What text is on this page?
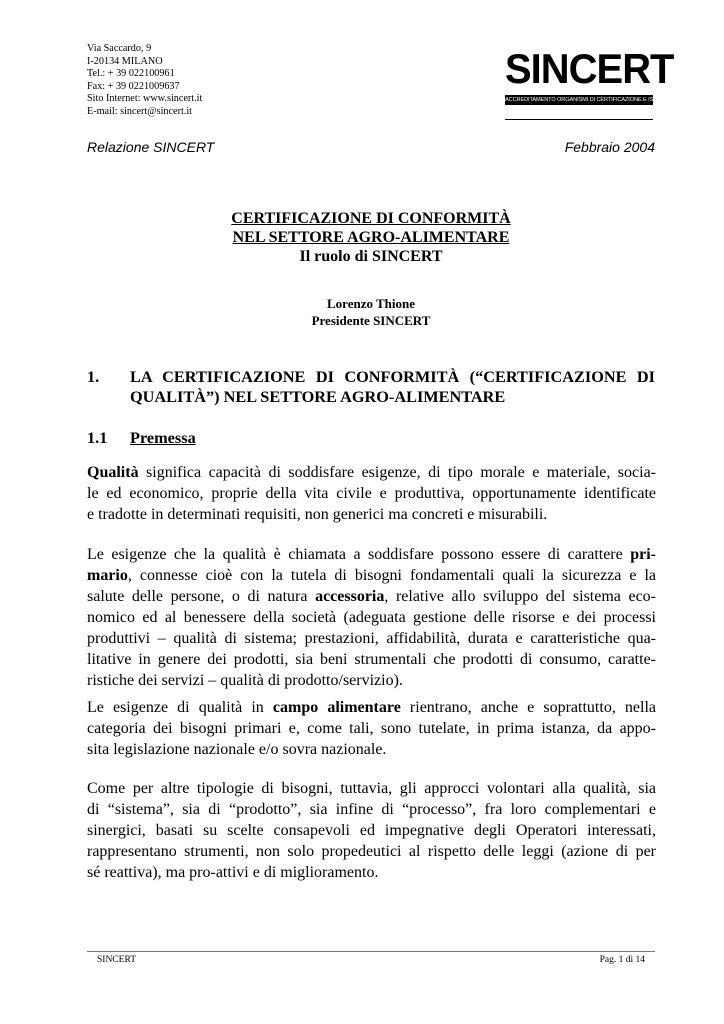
Via Saccardo, 9
I-20134 MILANO
Tel.: + 39 022100961
Fax: + 39 0221009637
Sito Internet: www.sincert.it
E-mail: sincert@sincert.it
SINCERT
ACCREDITAMENTO ORGANISMI DI CERTIFICAZIONE E ISPEZIONE
Relazione SINCERT	Febbraio 2004
CERTIFICAZIONE DI CONFORMITÀ
NEL SETTORE AGRO-ALIMENTARE
Il ruolo di SINCERT
Lorenzo Thione
Presidente SINCERT
1. LA CERTIFICAZIONE DI CONFORMITÀ (“CERTIFICAZIONE DI QUALITÀ”) NEL SETTORE AGRO-ALIMENTARE
1.1 Premessa
Qualità significa capacità di soddisfare esigenze, di tipo morale e materiale, socia-
le ed economico, proprie della vita civile e produttiva, opportunamente identificate
e tradotte in determinati requisiti, non generici ma concreti e misurabili.
Le esigenze che la qualità è chiamata a soddisfare possono essere di carattere pri-
mario, connesse cioè con la tutela di bisogni fondamentali quali la sicurezza e la
salute delle persone, o di natura accessoria, relative allo sviluppo del sistema eco-
nomico ed al benessere della società (adeguata gestione delle risorse e dei processi
produttivi – qualità di sistema; prestazioni, affidabilità, durata e caratteristiche qua-
litative in genere dei prodotti, sia beni strumentali che prodotti di consumo, caratte-
ristiche dei servizi – qualità di prodotto/servizio).
Le esigenze di qualità in campo alimentare rientrano, anche e soprattutto, nella
categoria dei bisogni primari e, come tali, sono tutelate, in prima istanza, da appo-
sita legislazione nazionale e/o sovra nazionale.
Come per altre tipologie di bisogni, tuttavia, gli approcci volontari alla qualità, sia
di “sistema”, sia di “prodotto”, sia infine di “processo”, fra loro complementari e
sinergici, basati su scelte consapevoli ed impegnative degli Operatori interessati,
rappresentano strumenti, non solo propedeutici al rispetto delle leggi (azione di per
sé reattiva), ma pro-attivi e di miglioramento.
SINCERT	Pag. 1 di 14
